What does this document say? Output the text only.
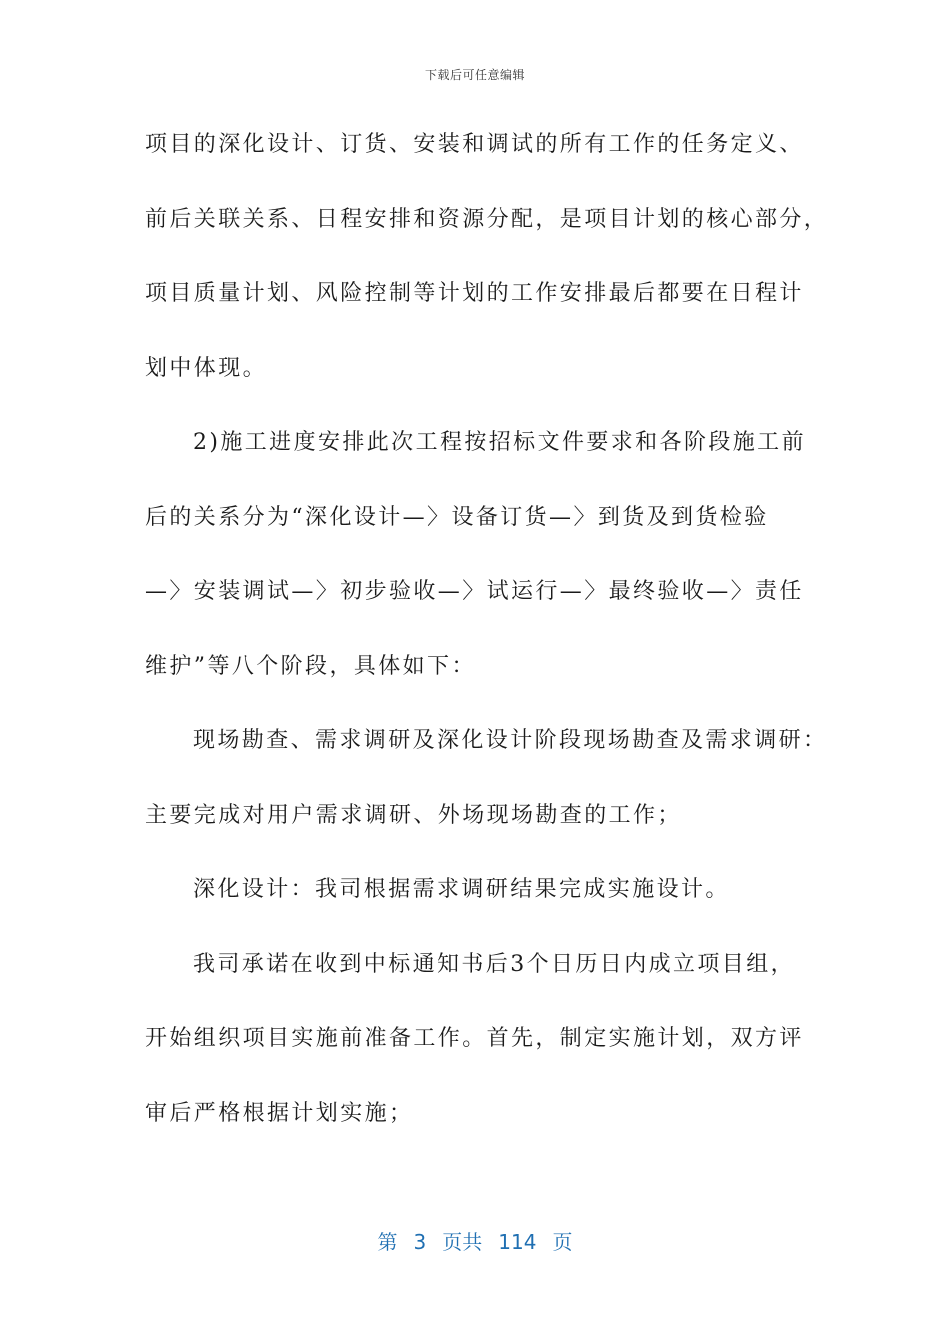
下载后可任意编辑
项目的深化设计、订货、安装和调试的所有工作的任务定义、
前后关联关系、日程安排和资源分配，是项目计划的核心部分，
项目质量计划、风险控制等计划的工作安排最后都要在日程计
划中体现。
2)施工进度安排此次工程按招标文件要求和各阶段施工前
后的关系分为“深化设计—〉设备订货—〉到货及到货检验
—〉安装调试—〉初步验收—〉试运行—〉最终验收—〉责任
维护”等八个阶段，具体如下：
现场勘查、需求调研及深化设计阶段现场勘查及需求调研：
主要完成对用户需求调研、外场现场勘查的工作；
深化设计：我司根据需求调研结果完成实施设计。
我司承诺在收到中标通知书后3个日历日内成立项目组，
开始组织项目实施前准备工作。首先，制定实施计划，双方评
审后严格根据计划实施；
第 3 页共 114 页
